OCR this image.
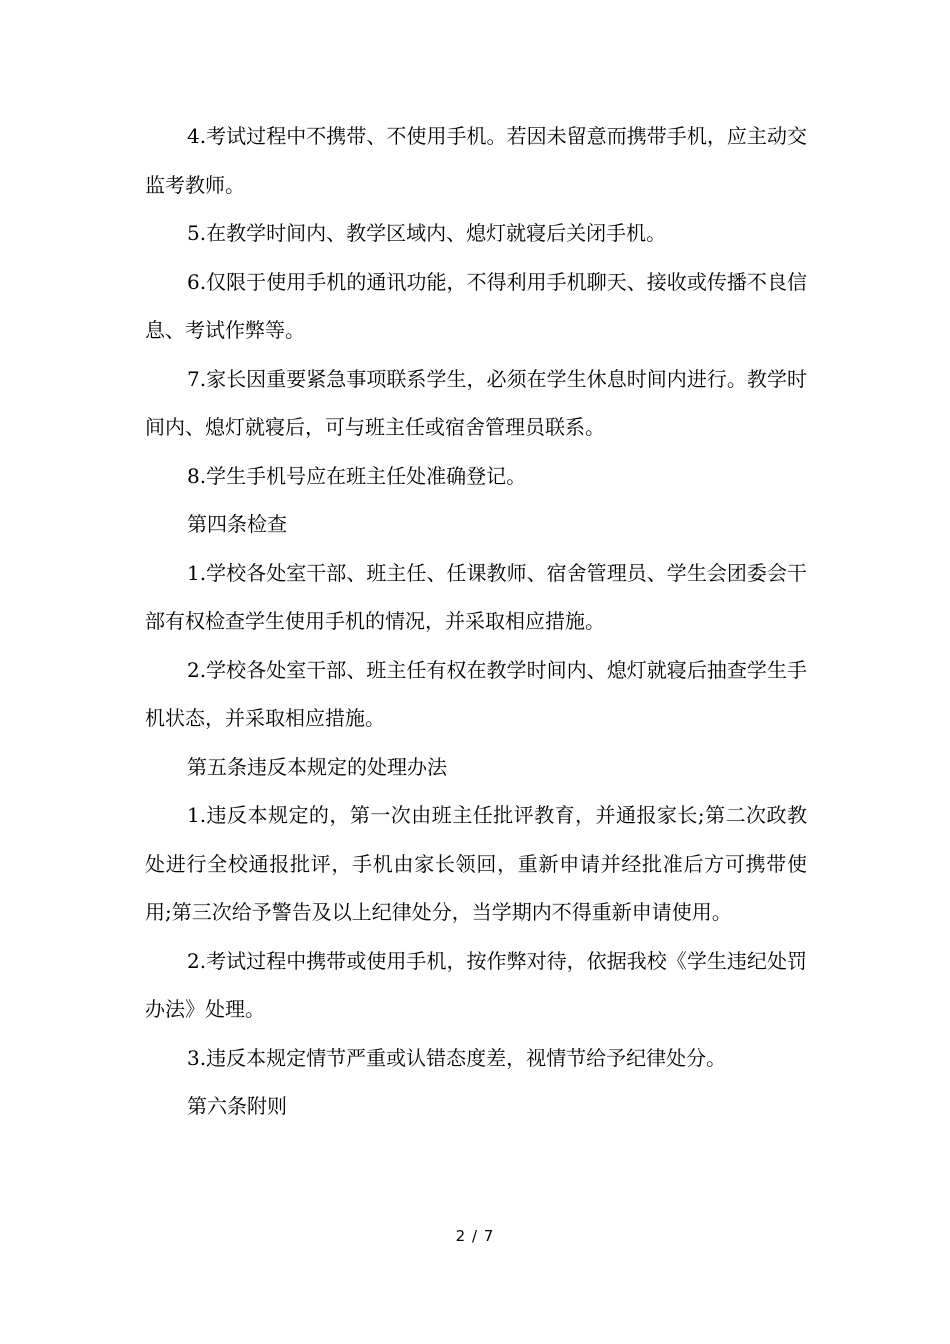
4.考试过程中不携带、不使用手机。若因未留意而携带手机，应主动交监考教师。

5.在教学时间内、教学区域内、熄灯就寝后关闭手机。

6.仅限于使用手机的通讯功能，不得利用手机聊天、接收或传播不良信息、考试作弊等。

7.家长因重要紧急事项联系学生，必须在学生休息时间内进行。教学时间内、熄灯就寝后，可与班主任或宿舍管理员联系。

8.学生手机号应在班主任处准确登记。

第四条检查

1.学校各处室干部、班主任、任课教师、宿舍管理员、学生会团委会干部有权检查学生使用手机的情况，并采取相应措施。

2.学校各处室干部、班主任有权在教学时间内、熄灯就寝后抽查学生手机状态，并采取相应措施。

第五条违反本规定的处理办法

1.违反本规定的，第一次由班主任批评教育，并通报家长;第二次政教处进行全校通报批评，手机由家长领回，重新申请并经批准后方可携带使用;第三次给予警告及以上纪律处分，当学期内不得重新申请使用。

2.考试过程中携带或使用手机，按作弊对待，依据我校《学生违纪处罚办法》处理。

3.违反本规定情节严重或认错态度差，视情节给予纪律处分。

第六条附则

2 / 7
